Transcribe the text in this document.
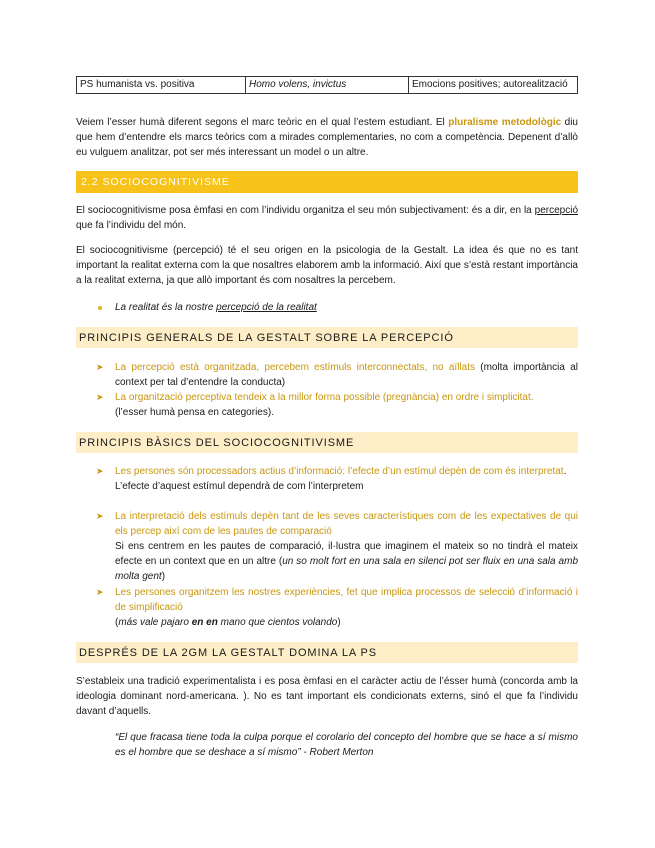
PS humanista vs. positiva	Homo volens, invictus	Emocions positives; autorealització
Veiem l’esser humà diferent segons el marc teòric en el qual l’estem estudiant. El pluralisme metodològic diu que hem d’entendre els marcs teòrics com a mirades complementaries, no com a competència. Depenent d’allò eu vulguem analitzar, pot ser més interessant un model o un altre.
2.2 SOCIOCOGNITIVISME
El sociocognitivisme posa èmfasi en com l’individu organitza el seu món subjectivament: és a dir, en la percepció que fa l’individu del món.
El sociocognitivisme (percepció) té el seu origen en la psicologia de la Gestalt. La idea és que no es tant important la realitat externa com la que nosaltres elaborem amb la informació. Així que s’està restant importància a la realitat externa, ja que allò important és com nosaltres la percebem.
La realitat és la nostre percepció de la realitat
PRINCIPIS GENERALS DE LA GESTALT SOBRE LA PERCEPCIÓ
➤ La percepció està organitzada, percebem estímuls interconnectats, no aïllats (molta importància al context per tal d’entendre la conducta)
➤ La organització perceptiva tendeix a la millor forma possible (pregnància) en ordre i simplicitat.
(l’esser humà pensa en categories).
PRINCIPIS BÀSICS DEL SOCIOCOGNITIVISME
➤ Les persones són processadors actius d’informació: l’efecte d’un estímul depèn de com és interpretat.
L’efecte d’aquest estímul dependrà de com l’interpretem
➤ La interpretació dels estímuls depèn tant de les seves característiques com de les expectatives de qui els percep així com de les pautes de comparació
Si ens centrem en les pautes de comparació, il·lustra que imaginem el mateix so no tindrà el mateix efecte en un context que en un altre (un so molt fort en una sala en silenci pot ser fluix en una sala amb molta gent)
➤ Les persones organitzem les nostres experiències, fet que implica processos de selecció d’informació i de simplificació
(más vale pajaro en en mano que cientos volando)
DESPRÉS DE LA 2GM LA GESTALT DOMINA LA PS
S’estableix una tradició experimentalista i es posa èmfasi en el caràcter actiu de l’ésser humà (concorda amb la ideologia dominant nord-americana. ). No es tant important els condicionats externs, sinó el que fa l’individu davant d’aquells.
“El que fracasa tiene toda la culpa porque el corolario del concepto del hombre que se hace a sí mismo es el hombre que se deshace a sí mismo” - Robert Merton
